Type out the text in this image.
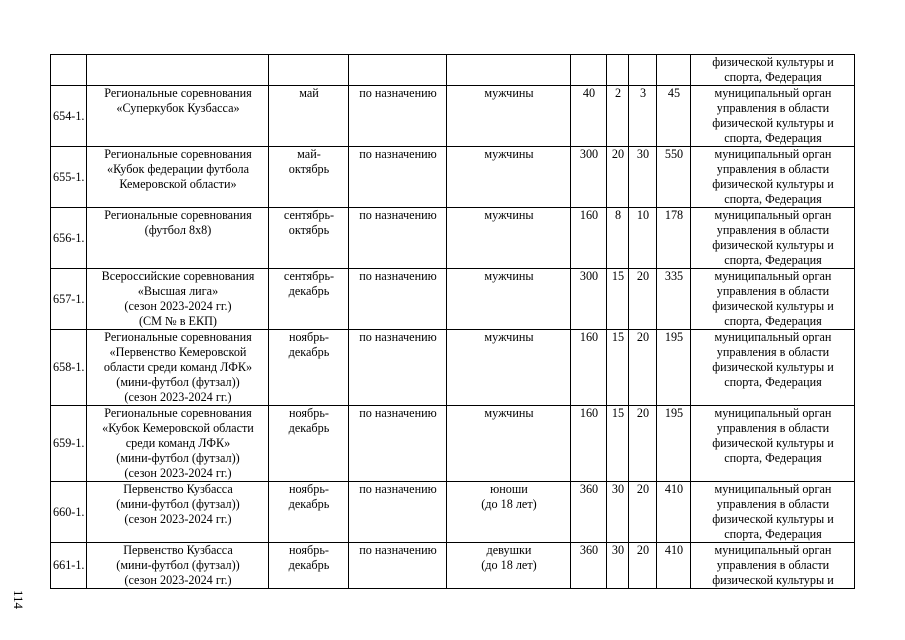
									физической культуры и
спорта, Федерация
654-1.	Региональные соревнования
«Суперкубок Кузбасса»	май	по назначению	мужчины	40	2	3	45	муниципальный орган
управления в области
физической культуры и
спорта, Федерация
655-1.	Региональные соревнования
«Кубок федерации футбола
Кемеровской области»	май-
октябрь	по назначению	мужчины	300	20	30	550	муниципальный орган
управления в области
физической культуры и
спорта, Федерация
656-1.	Региональные соревнования
(футбол 8х8)	сентябрь-
октябрь	по назначению	мужчины	160	8	10	178	муниципальный орган
управления в области
физической культуры и
спорта, Федерация
657-1.	Всероссийские соревнования
«Высшая лига»
(сезон 2023-2024 гг.)
(СМ № в ЕКП)	сентябрь-
декабрь	по назначению	мужчины	300	15	20	335	муниципальный орган
управления в области
физической культуры и
спорта, Федерация
658-1.	Региональные соревнования
«Первенство Кемеровской
области среди команд ЛФК»
(мини-футбол (футзал))
(сезон 2023-2024 гг.)	ноябрь-
декабрь	по назначению	мужчины	160	15	20	195	муниципальный орган
управления в области
физической культуры и
спорта, Федерация
659-1.	Региональные соревнования
«Кубок Кемеровской области
среди команд ЛФК»
(мини-футбол (футзал))
(сезон 2023-2024 гг.)	ноябрь-
декабрь	по назначению	мужчины	160	15	20	195	муниципальный орган
управления в области
физической культуры и
спорта, Федерация
660-1.	Первенство Кузбасса
(мини-футбол (футзал))
(сезон 2023-2024 гг.)	ноябрь-
декабрь	по назначению	юноши
(до 18 лет)	360	30	20	410	муниципальный орган
управления в области
физической культуры и
спорта, Федерация
661-1.	Первенство Кузбасса
(мини-футбол (футзал))
(сезон 2023-2024 гг.)	ноябрь-
декабрь	по назначению	девушки
(до 18 лет)	360	30	20	410	муниципальный орган
управления в области
физической культуры и
114
